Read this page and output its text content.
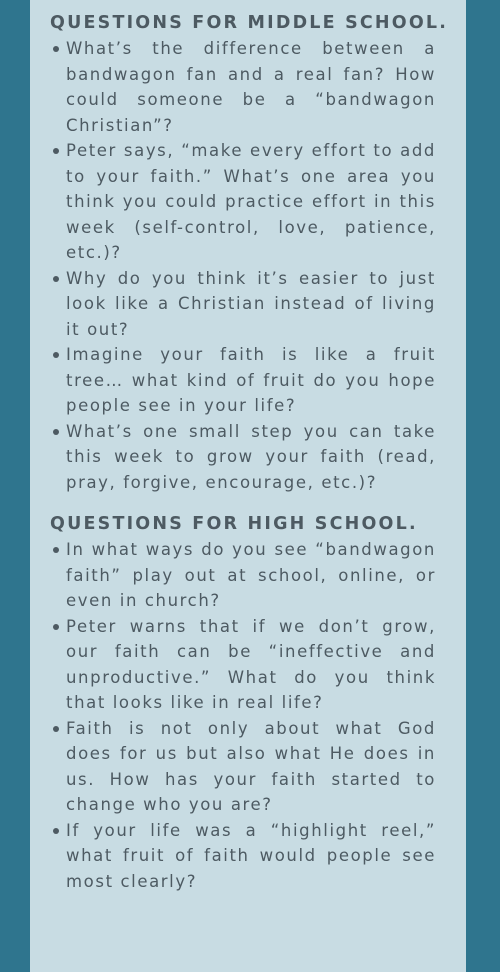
QUESTIONS FOR MIDDLE SCHOOL.
What’s the difference between a bandwagon fan and a real fan? How could someone be a “bandwagon Christian”?
Peter says, “make every effort to add to your faith.” What’s one area you think you could practice effort in this week (self-control, love, patience, etc.)?
Why do you think it’s easier to just look like a Christian instead of living it out?
Imagine your faith is like a fruit tree… what kind of fruit do you hope people see in your life?
What’s one small step you can take this week to grow your faith (read, pray, forgive, encourage, etc.)?
QUESTIONS FOR HIGH SCHOOL.
In what ways do you see “bandwagon faith” play out at school, online, or even in church?
Peter warns that if we don’t grow, our faith can be “ineffective and unproductive.” What do you think that looks like in real life?
Faith is not only about what God does for us but also what He does in us. How has your faith started to change who you are?
If your life was a “highlight reel,” what fruit of faith would people see most clearly?
